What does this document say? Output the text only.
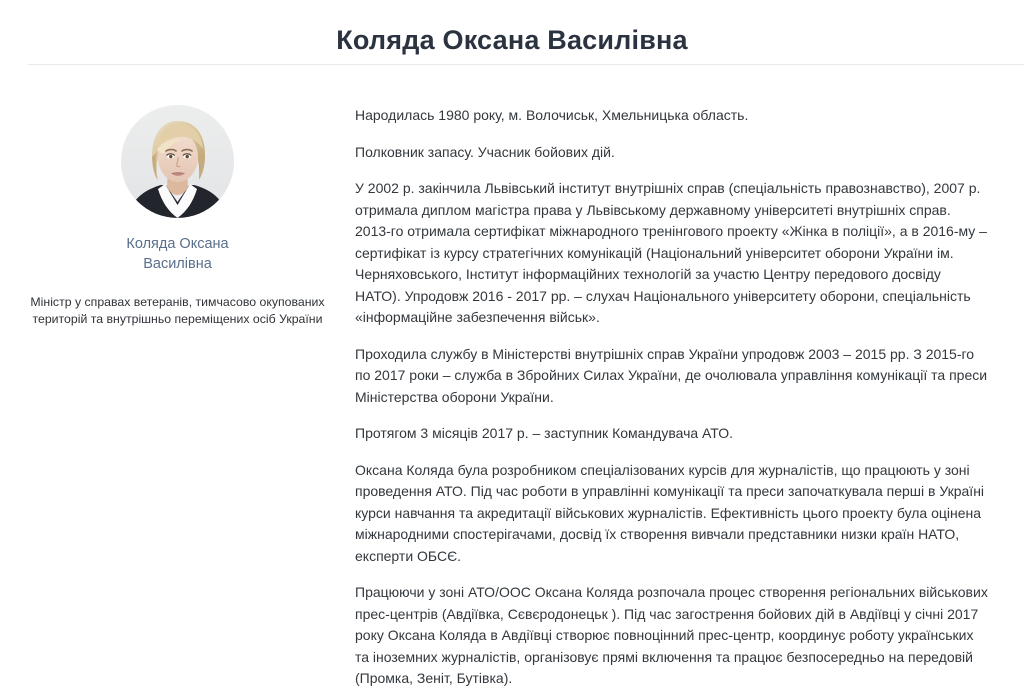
Коляда Оксана Василівна
Коляда Оксана
Василівна
Міністр у справах ветеранів, тимчасово окупованих територій та внутрішньо переміщених осіб України

Народилась 1980 року, м. Волочиськ, Хмельницька область.

Полковник запасу. Учасник бойових дій.

У 2002 р. закінчила Львівський інститут внутрішніх справ (спеціальність правознавство), 2007 р. отримала диплом магістра права у Львівському державному університеті внутрішніх справ. 2013-го отримала сертифікат міжнародного тренінгового проекту «Жінка в поліції», а в 2016-му – сертифікат із курсу стратегічних комунікацій (Національний університет оборони України ім. Черняховського, Інститут інформаційних технологій за участю Центру передового досвіду НАТО). Упродовж 2016 - 2017 рр. – слухач Національного університету оборони, спеціальність «інформаційне забезпечення військ».

Проходила службу в Міністерстві внутрішніх справ України упродовж 2003 – 2015 рр. З 2015-го по 2017 роки – служба в Збройних Силах України, де очолювала управління комунікації та преси Міністерства оборони України.

Протягом 3 місяців 2017 р. – заступник Командувача АТО.

Оксана Коляда була розробником спеціалізованих курсів для журналістів, що працюють у зоні проведення АТО. Під час роботи в управлінні комунікації та преси започаткувала перші в Україні курси навчання та акредитації військових журналістів. Ефективність цього проекту була оцінена міжнародними спостерігачами, досвід їх створення вивчали представники низки країн НАТО, експерти ОБСЄ.

Працюючи у зоні АТО/ООС Оксана Коляда розпочала процес створення регіональних військових прес-центрів (Авдіївка, Сєвєродонецьк ). Під час загострення бойових дій в Авдіївці у січні 2017 року Оксана Коляда в Авдіївці створює повноцінний прес-центр, координує роботу українських та іноземних журналістів, організовує прямі включення та працює безпосередньо на передовій (Промка, Зеніт, Бутівка).
